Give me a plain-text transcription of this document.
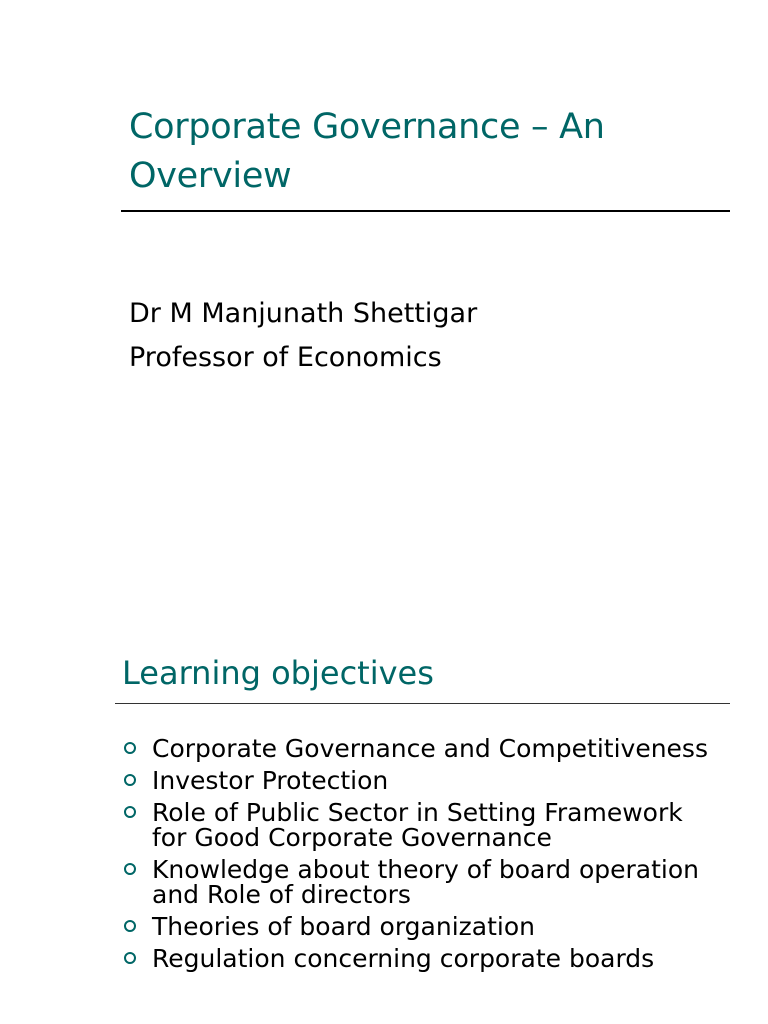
Corporate Governance – An Overview
Dr M Manjunath Shettigar
Professor of Economics
Learning objectives
Corporate Governance and Competitiveness
Investor Protection
Role of Public Sector in Setting Framework for Good Corporate Governance
Knowledge about theory of board operation and Role of directors
Theories of board organization
Regulation concerning corporate boards
